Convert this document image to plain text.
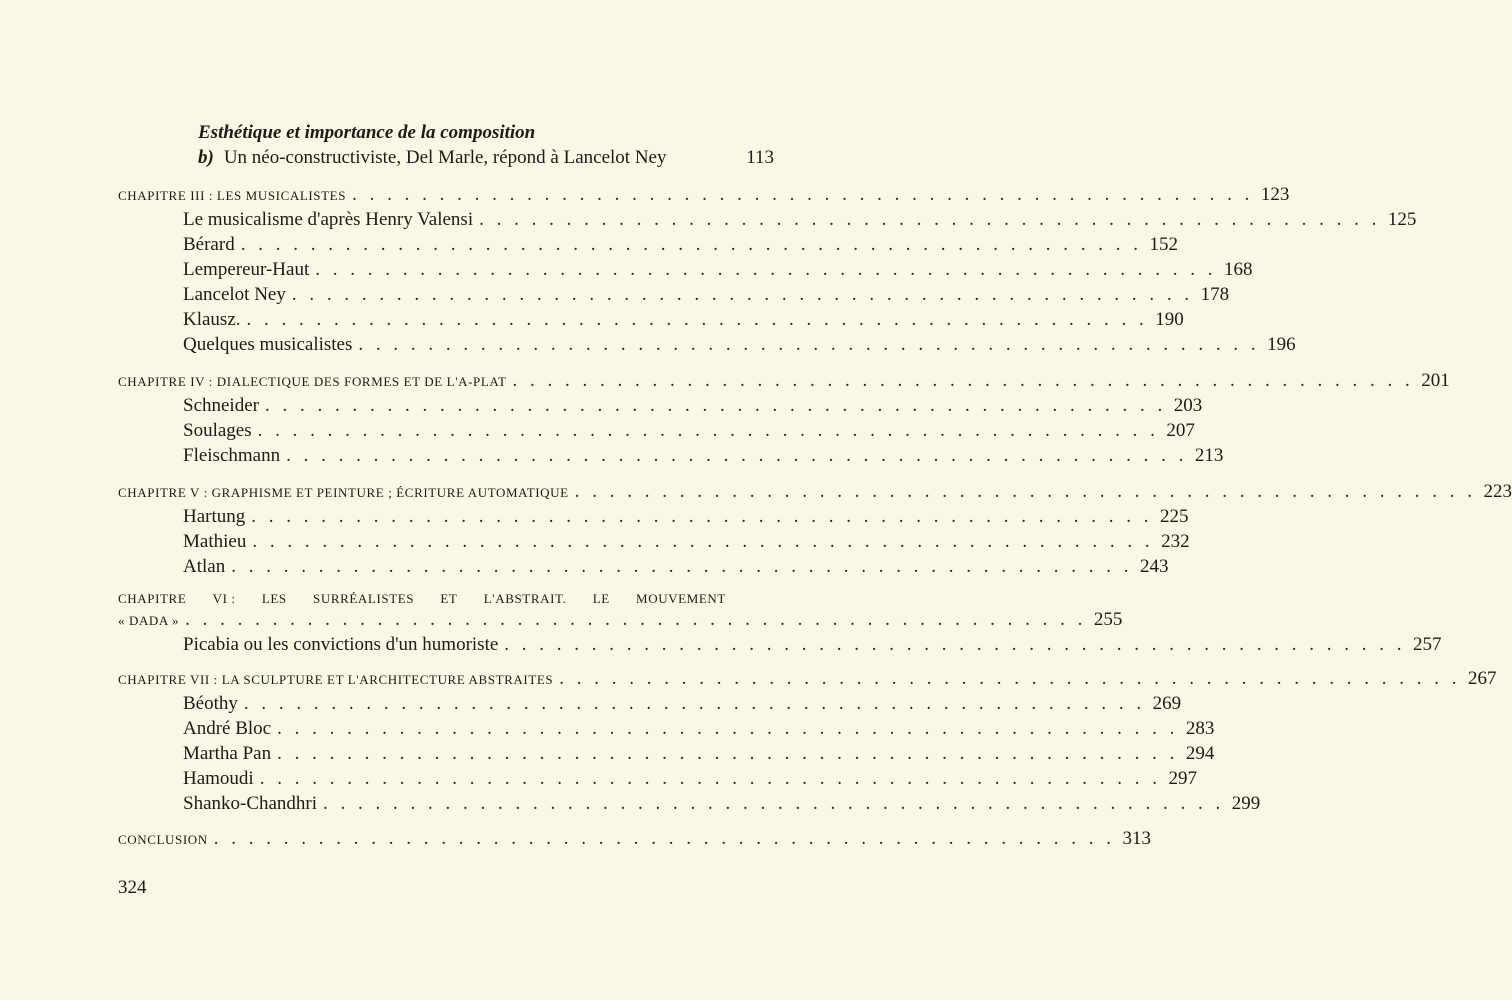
Esthétique et importance de la composition
b) Un néo-constructiviste, Del Marle, répond à Lancelot Ney	113
CHAPITRE III : LES MUSICALISTES . . . . . . . . . . . . . . . . . . . . . . . . . . . . . . . . . . . . . . . . . . . . . . . . . . . . 123
Le musicalisme d'après Henry Valensi . . . . . . . . . . . . . . . . . . . . . . . . . . . . . . . . . . . . . . . . . . . . . . . . . . . . 125
Bérard . . . . . . . . . . . . . . . . . . . . . . . . . . . . . . . . . . . . . . . . . . . . . . . . . . . . 152
Lempereur-Haut . . . . . . . . . . . . . . . . . . . . . . . . . . . . . . . . . . . . . . . . . . . . . . . . . . . . 168
Lancelot Ney . . . . . . . . . . . . . . . . . . . . . . . . . . . . . . . . . . . . . . . . . . . . . . . . . . . . 178
Klausz. . . . . . . . . . . . . . . . . . . . . . . . . . . . . . . . . . . . . . . . . . . . . . . . . . . . . 190
Quelques musicalistes . . . . . . . . . . . . . . . . . . . . . . . . . . . . . . . . . . . . . . . . . . . . . . . . . . . . 196
CHAPITRE IV : DIALECTIQUE DES FORMES ET DE L'A-PLAT . . . . . . . . . . . . . . . . . . . . . . . . . . . . . . . . . . . . . . . . . . . . . . . . . . . . 201
Schneider . . . . . . . . . . . . . . . . . . . . . . . . . . . . . . . . . . . . . . . . . . . . . . . . . . . . 203
Soulages . . . . . . . . . . . . . . . . . . . . . . . . . . . . . . . . . . . . . . . . . . . . . . . . . . . . 207
Fleischmann . . . . . . . . . . . . . . . . . . . . . . . . . . . . . . . . . . . . . . . . . . . . . . . . . . . . 213
CHAPITRE V : GRAPHISME ET PEINTURE ; ÉCRITURE AUTOMATIQUE . . . . . . . . . . . . . . . . . . . . . . . . . . . . . . . . . . . . . . . . . . . . . . . . . . . . 223
Hartung . . . . . . . . . . . . . . . . . . . . . . . . . . . . . . . . . . . . . . . . . . . . . . . . . . . . 225
Mathieu . . . . . . . . . . . . . . . . . . . . . . . . . . . . . . . . . . . . . . . . . . . . . . . . . . . . 232
Atlan . . . . . . . . . . . . . . . . . . . . . . . . . . . . . . . . . . . . . . . . . . . . . . . . . . . . 243
CHAPITRE VI : LES SURRÉALISTES ET L'ABSTRAIT. LE MOUVEMENT
« DADA » . . . . . . . . . . . . . . . . . . . . . . . . . . . . . . . . . . . . . . . . . . . . . . . . . . . . 255
Picabia ou les convictions d'un humoriste . . . . . . . . . . . . . . . . . . . . . . . . . . . . . . . . . . . . . . . . . . . . . . . . . . . . 257
CHAPITRE VII : LA SCULPTURE ET L'ARCHITECTURE ABSTRAITES . . . . . . . . . . . . . . . . . . . . . . . . . . . . . . . . . . . . . . . . . . . . . . . . . . . . 267
Béothy . . . . . . . . . . . . . . . . . . . . . . . . . . . . . . . . . . . . . . . . . . . . . . . . . . . . 269
André Bloc . . . . . . . . . . . . . . . . . . . . . . . . . . . . . . . . . . . . . . . . . . . . . . . . . . . . 283
Martha Pan . . . . . . . . . . . . . . . . . . . . . . . . . . . . . . . . . . . . . . . . . . . . . . . . . . . . 294
Hamoudi . . . . . . . . . . . . . . . . . . . . . . . . . . . . . . . . . . . . . . . . . . . . . . . . . . . . 297
Shanko-Chandhri . . . . . . . . . . . . . . . . . . . . . . . . . . . . . . . . . . . . . . . . . . . . . . . . . . . . 299
CONCLUSION . . . . . . . . . . . . . . . . . . . . . . . . . . . . . . . . . . . . . . . . . . . . . . . . . . . . 313
324
